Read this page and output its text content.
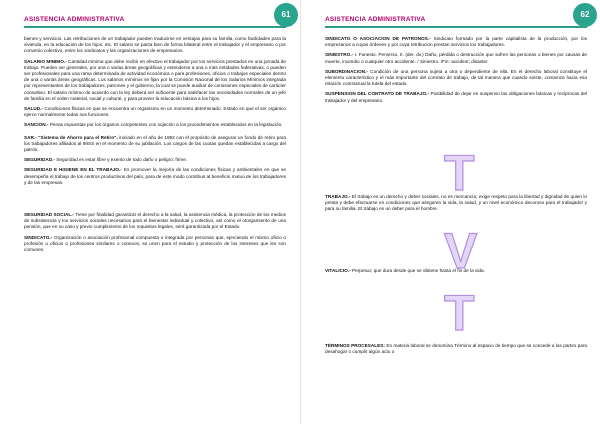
ASISTENCIA ADMINISTRATIVA
61

bienes y servicios. Las retribuciones de un trabajador pueden traducirse en ventajas para su familia, como facilidades para la vivienda, en la educación de los hijos, etc. El salario se pacta bien de forma bilateral entre el trabajador y el empresario o por convenio colectivo, entre los sindicatos y las organizaciones de empresarios.

SALARIO MINIMO.- Cantidad mínima que debe recibir en efectivo el trabajador por los servicios prestados en una jornada de trabajo. Pueden ser generales, por una o varias áreas geográficas y extenderse a una o más entidades federativas, o pueden ser profesionales para una rama determinada de actividad económica o para profesiones, oficios o trabajos especiales dentro de una o varias áreas geográficas. Los salarios mínimos se fijan por la Comisión Nacional de los Salarios Mínimos integrada por representantes de los trabajadores, patrones y el gobierno, la cual se puede auxiliar de comisiones especiales de carácter consultivo. El salario mínimo de acuerdo con la ley deberá ser suficiente para satisfacer las necesidades normales de un jefe de familia en el orden material, social y cultural, y para proveer la educación básica a los hijos.

SALUD.- Condiciones físicas en que se encuentra un organismo en un momento determinado. Estado en que el ser orgánico ejerce normalmente todas sus funciones.

SANCION.- Penas impuestas por los órganos competentes con sujeción a los procedimientos establecidos en la legislación.

SAR.- "Sistema de Ahorro para el Retiro", iniciado en el año de 1992 con el propósito de asegurar un fondo de retiro para los trabajadores afiliados al IMSS en el momento de su jubilación. Los cargos de las cuotas quedan establecidas a cargo del patrón.

SEGURIDAD.- Seguridad es estar libre y exento de todo daño o peligro; firme.

SEGURIDAD E HIGIENE EN EL TRABAJO.- Es promover la mejoría de las condiciones físicas y ambientales en que se desempeña el trabajo de los centros productivos del país, para de este modo contribuir al beneficio mutuo de los trabajadores y de las empresas.

SEGURIDAD SOCIAL.- Tiene por finalidad garantizar el derecho a la salud, la asistencia médica, la protección de los medios de subsistencia y los servicios sociales necesarios para el bienestar individual y colectivo, así como el otorgamiento de una pensión, que en su caso y previo cumplimiento de los requisitos legales, será garantizada por el Estado.

SINDICATO.- Organización o asociación profesional compuesta o integrada por personas que, ejerciendo el mismo oficio o profesión u oficios o profesiones similares o conexos, se unen para el estudio y protección de los intereses que les son comunes.

ASISTENCIA ADMINISTRATIVA
62

SINDICATO O ASOCIACION DE PATRONOS.- Sindicato formado por la parte capitalista de la producción, por los empresarios a cuyas órdenes y por cuya retribución prestan servicios los trabajadores.

SINIESTRO.- I. Funesto. Perverso. II. (der. dv.) Daño, pérdida o destrucción que sufren las personas o bienes por causas de muerte, incendio o cualquier otro accidente. / Siniestro. /Fin: accident; disaster.

SUBORDINACION.- Condición de una persona sujeta a otra o dependiente de ella. En el derecho laboral constituye el elemento característico y el más importante del contrato de trabajo, de tal manera que cuando existe, comienza hacia esa relación contractual la tutela del estado.

SUSPENSION DEL CONTRATO DE TRABAJO.- Posibilidad de dejar en suspenso las obligaciones básicas y recíprocas del trabajador y del empresario.

T

TRABAJO.- El trabajo es un derecho y deber sociales, no es mercancía; exige respeto para la libertad y dignidad de quien lo presta y debe efectuarse en condiciones que aseguren la vida, la salud, y un nivel económico decoroso para el trabajador y para su familia. El trabajo es un deber para el hombre.

V

VITALICIO.- Perpetuo; que dura desde que se obtiene hasta el fin de la vida.

T

TÉRMINOS PROCESALES: En materia laboral se denomina Término al espacio de tiempo que se concede a las partes para desahogar o cumplir algún acto o
